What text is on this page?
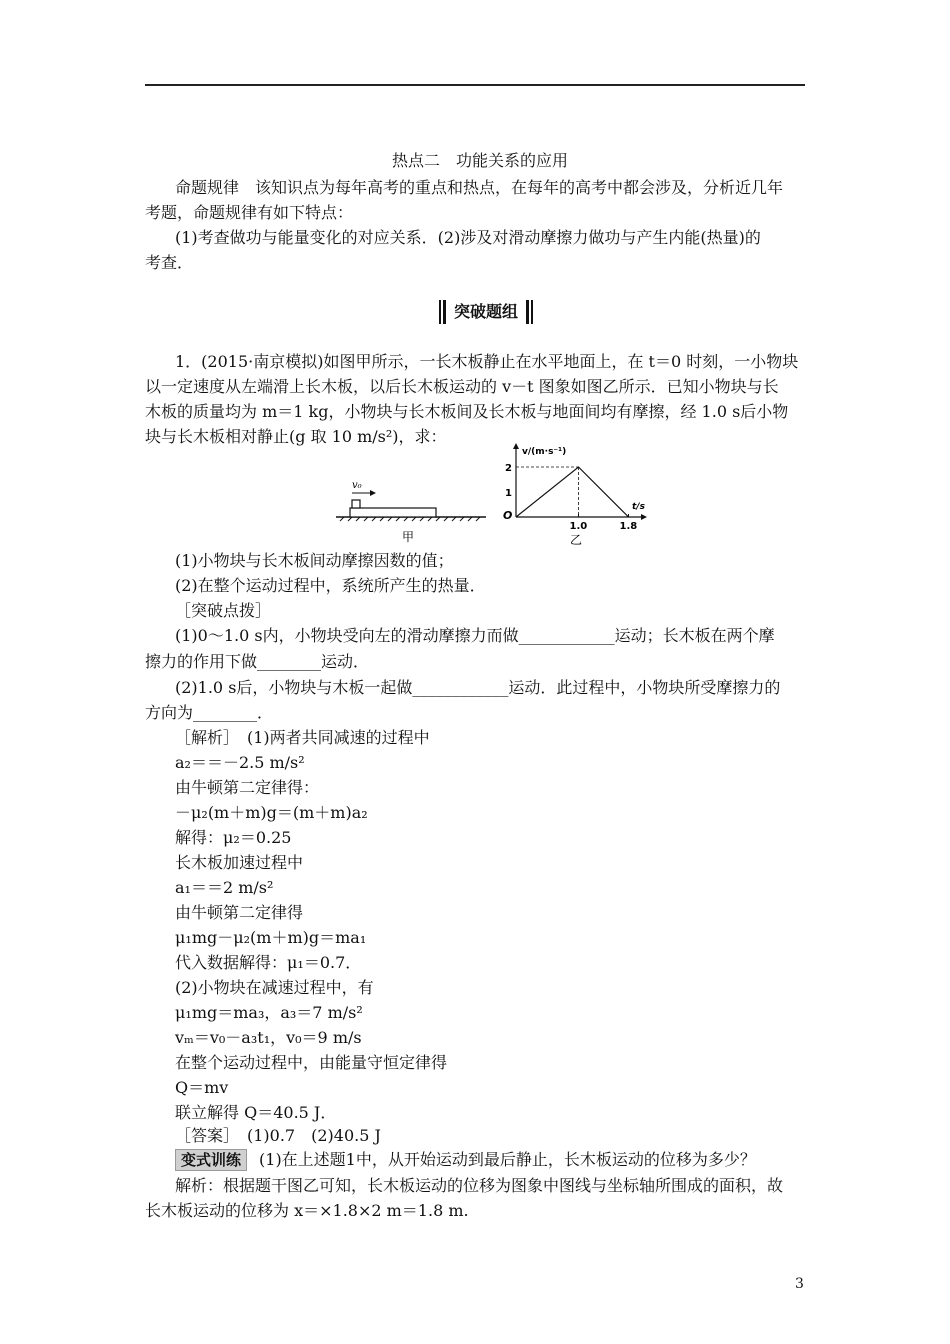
热点二　功能关系的应用
命题规律　该知识点为每年高考的重点和热点，在每年的高考中都会涉及，分析近几年
考题，命题规律有如下特点：
(1)考查做功与能量变化的对应关系．(2)涉及对滑动摩擦力做功与产生内能(热量)的
考查．
突破题组
1．(2015·南京模拟)如图甲所示，一长木板静止在水平地面上，在 t＝0 时刻，一小物块
以一定速度从左端滑上长木板，以后长木板运动的 v－t 图象如图乙所示．已知小物块与长
木板的质量均为 m＝1 kg，小物块与长木板间及长木板与地面间均有摩擦，经 1.0 s后小物
块与长木板相对静止(g 取 10 m/s²)，求：
v₀
甲
v/(m·s⁻¹)
t/s
O
2
1
1.0	1.8
乙
(1)小物块与长木板间动摩擦因数的值；
(2)在整个运动过程中，系统所产生的热量．
［突破点拨］
(1)0～1.0 s内，小物块受向左的滑动摩擦力而做____________运动；长木板在两个摩
擦力的作用下做________运动．
(2)1.0 s后，小物块与木板一起做____________运动．此过程中，小物块所受摩擦力的
方向为________．
［解析］　(1)两者共同减速的过程中
a₂＝＝－2.5 m/s²
由牛顿第二定律得：
－μ₂(m＋m)g＝(m＋m)a₂
解得：μ₂＝0.25
长木板加速过程中
a₁＝＝2 m/s²
由牛顿第二定律得
μ₁mg－μ₂(m＋m)g＝ma₁
代入数据解得：μ₁＝0.7．
(2)小物块在减速过程中，有
μ₁mg＝ma₃，a₃＝7 m/s²
vₘ＝v₀－a₃t₁，v₀＝9 m/s
在整个运动过程中，由能量守恒定律得
Q＝mv
联立解得 Q＝40.5 J．
［答案］　(1)0.7　(2)40.5 J
变式训练 (1)在上述题1中，从开始运动到最后静止，长木板运动的位移为多少？
解析：根据题干图乙可知，长木板运动的位移为图象中图线与坐标轴所围成的面积，故
长木板运动的位移为 x＝×1.8×2 m＝1.8 m.
3
